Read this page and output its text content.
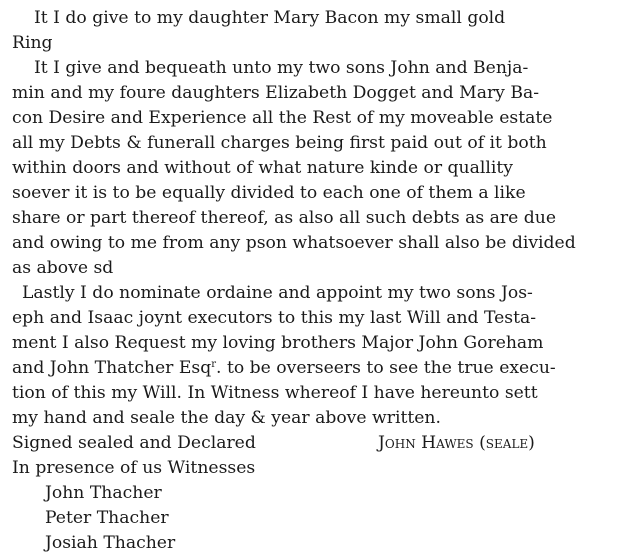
It I do give to my daughter Mary Bacon my small gold
Ring
It I give and bequeath unto my two sons John and Benja-
min and my foure daughters Elizabeth Dogget and Mary Ba-
con Desire and Experience all the Rest of my moveable estate
all my Debts & funerall charges being first paid out of it both
within doors and without of what nature kinde or quallity
soever it is to be equally divided to each one of them a like
share or part thereof thereof, as also all such debts as are due
and owing to me from any pson whatsoever shall also be divided
as above sd
Lastly I do nominate ordaine and appoint my two sons Jos-
eph and Isaac joynt executors to this my last Will and Testa-
ment I also Request my loving brothers Major John Goreham
and John Thatcher Esq$^r$. to be overseers to see the true execu-
tion of this my Will. In Witness whereof I have hereunto sett
my hand and seale the day & year above written.
Signed sealed and Declared	John Hawes (seale)
In presence of us Witnesses
John Thacher
Peter Thacher
Josiah Thacher
